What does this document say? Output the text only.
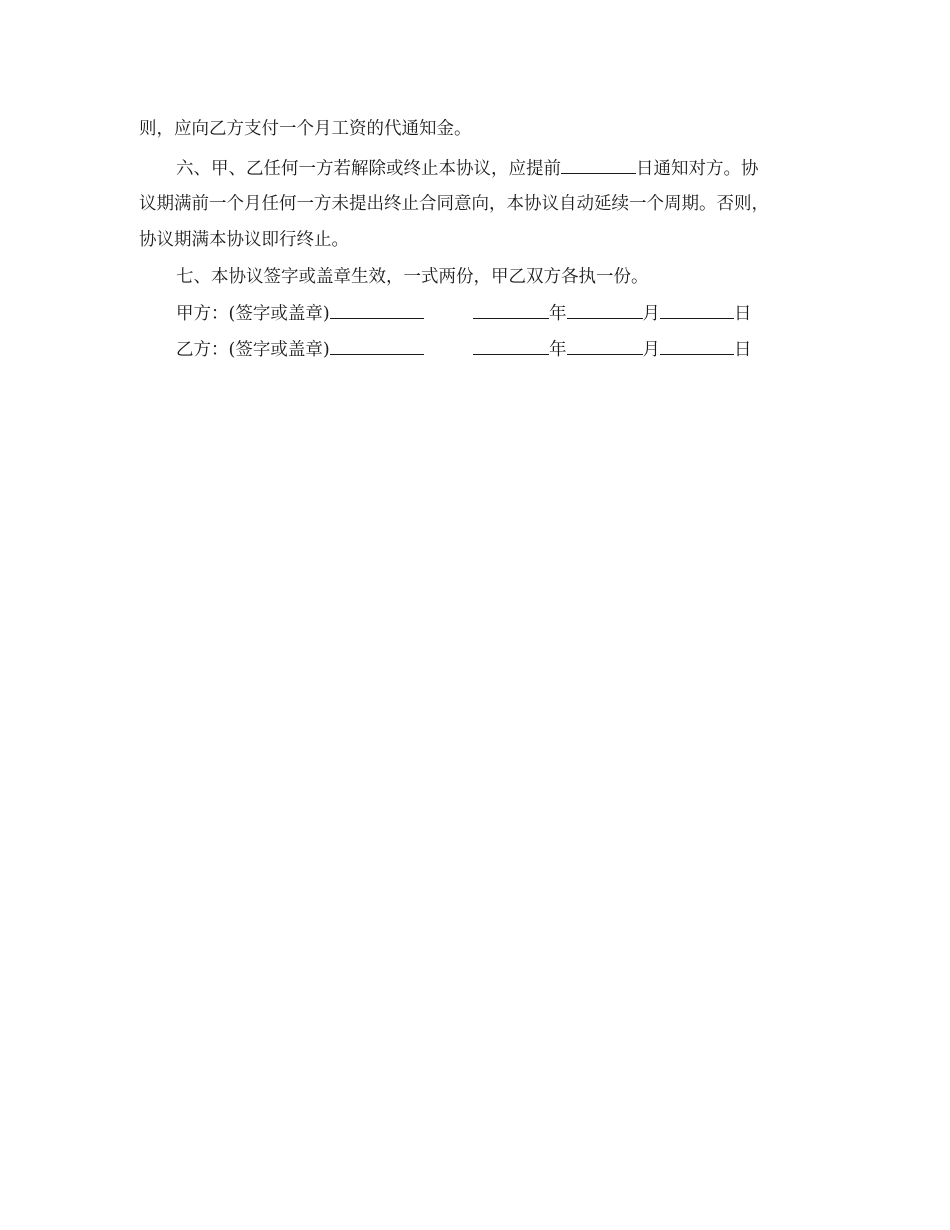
则，应向乙方支付一个月工资的代通知金。
六、甲、乙任何一方若解除或终止本协议，应提前	日通知对方。协
议期满前一个月任何一方未提出终止合同意向，本协议自动延续一个周期。否则，
协议期满本协议即行终止。
七、本协议签字或盖章生效，一式两份，甲乙双方各执一份。
甲方：(签字或盖章)	年	月	日
乙方：(签字或盖章)	年	月	日
